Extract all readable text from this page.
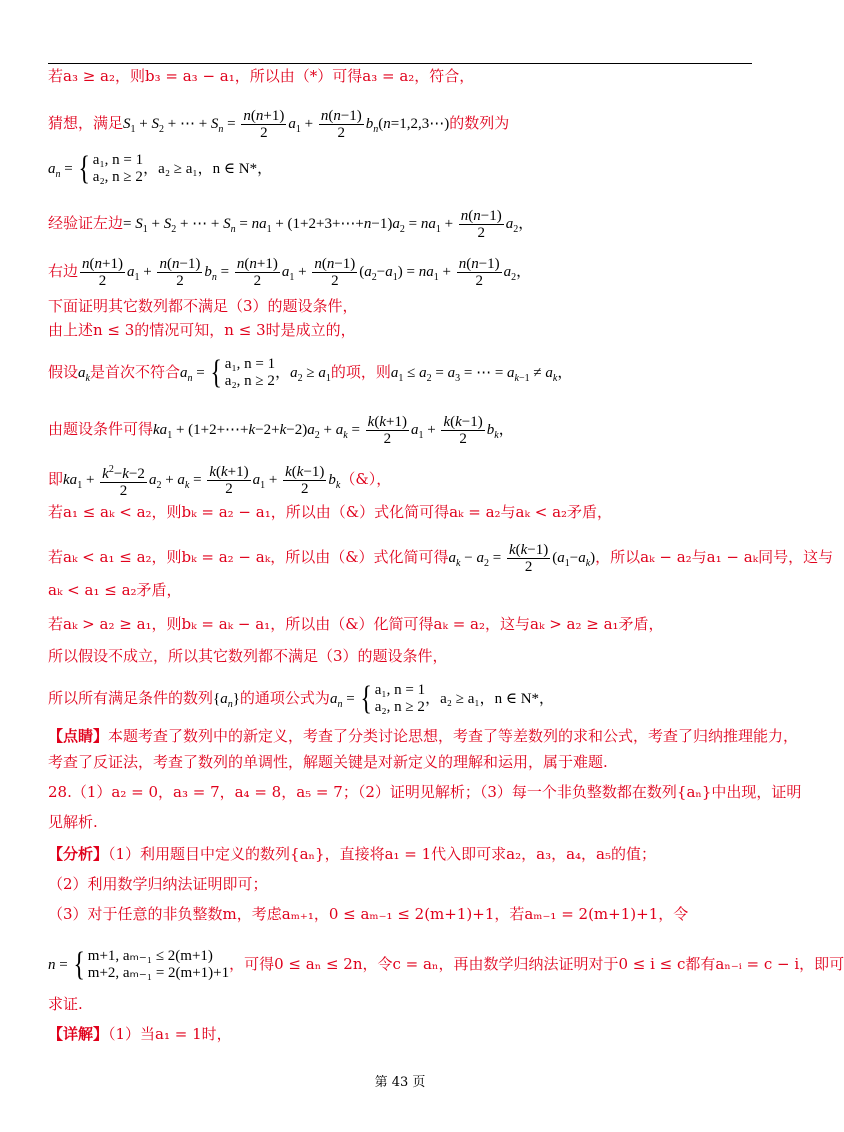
若a₃ ≥ a₂，则b₃ = a₃ − a₁，所以由（*）可得a₃ = a₂，符合，
猜想，满足$S_1 + S_2$ + ⋯ + $S_n = \frac{n(n+1)}{2} a_1 + \frac{n(n-1)}{2}$ $b_n(n=1,2,3\cdots)$的数列为
$a_n$ = { a₁, n = 1
a₂, n ≥ 2，a₂ ≥ a₁，n ∈ N*，
经验证左边= $S_1 + S_2$ + ⋯ + $S_n = na_1$ + $(1+2+3+\cdots+n-1)a_2 = na_1 + \frac{n(n-1)}{2} a_2$，
右边 $\frac{n(n+1)}{2} a_1 + \frac{n(n-1)}{2} b_n = \frac{n(n+1)}{2} a_1 + \frac{n(n-1)}{2} (a_2-a_1) = na_1 + \frac{n(n-1)}{2} a_2$，
下面证明其它数列都不满足（3）的题设条件，
由上述n ≤ 3的情况可知，n ≤ 3时是成立的，
假设$a_k$是首次不符合$a_n$ = { a₁, n = 1
a₂, n ≥ 2，$a_2 \ge a_1$的项，则$a_1 \le a_2 = a_3$ = ⋯ = $a_{k-1} \ne a_k$，
由题设条件可得$ka_1$ + $(1+2+\cdots+k-2+k-2)a_2 + a_k = \frac{k(k+1)}{2} a_1 + \frac{k(k-1)}{2} b_k$，
即$ka_1 + \frac{k^2-k-2}{2} a_2 + a_k = \frac{k(k+1)}{2} a_1 + \frac{k(k-1)}{2}$ $b_k(\&)$，
若a₁ ≤ aₖ < a₂，则bₖ = a₂ − a₁，所以由（&）式化简可得aₖ = a₂与aₖ < a₂矛盾，
若aₖ < a₁ ≤ a₂，则bₖ = a₂ − aₖ，所以由（&）式化简可得$a_k - a_2 = \frac{k(k-1)}{2} (a_1-a_k)$，所以aₖ − a₂与a₁ − aₖ同号，这与
aₖ < a₁ ≤ a₂矛盾，
若aₖ > a₂ ≥ a₁，则bₖ = aₖ − a₁，所以由（&）化简可得aₖ = a₂，这与aₖ > a₂ ≥ a₁矛盾，
所以假设不成立，所以其它数列都不满足（3）的题设条件，
所以所有满足条件的数列$\{a_n\}$的通项公式为$a_n$ = { a₁, n = 1
a₂, n ≥ 2，a₂ ≥ a₁，n ∈ N*，
【点睛】本题考查了数列中的新定义，考查了分类讨论思想，考查了等差数列的求和公式，考查了归纳推理能力，
考查了反证法，考查了数列的单调性，解题关键是对新定义的理解和运用，属于难题.
28.（1）a₂ = 0，a₃ = 7，a₄ = 8，a₅ = 7；（2）证明见解析；（3）每一个非负整数都在数列{aₙ}中出现，证明
见解析.
【分析】（1）利用题目中定义的数列{aₙ}，直接将a₁ = 1代入即可求a₂，a₃，a₄，a₅的值；
（2）利用数学归纳法证明即可；
（3）对于任意的非负整数m，考虑aₘ₊₁，0 ≤ aₘ₋₁ ≤ 2(m+1)+1，若aₘ₋₁ = 2(m+1)+1，令
n = { m+1, aₘ₋₁ ≤ 2(m+1)
m+2, aₘ₋₁ = 2(m+1)+1，可得0 ≤ aₙ ≤ 2n，令c = aₙ，再由数学归纳法证明对于0 ≤ i ≤ c都有aₙ₋ᵢ = c − i，即可
求证.
【详解】（1）当a₁ = 1时，
第 43 页
